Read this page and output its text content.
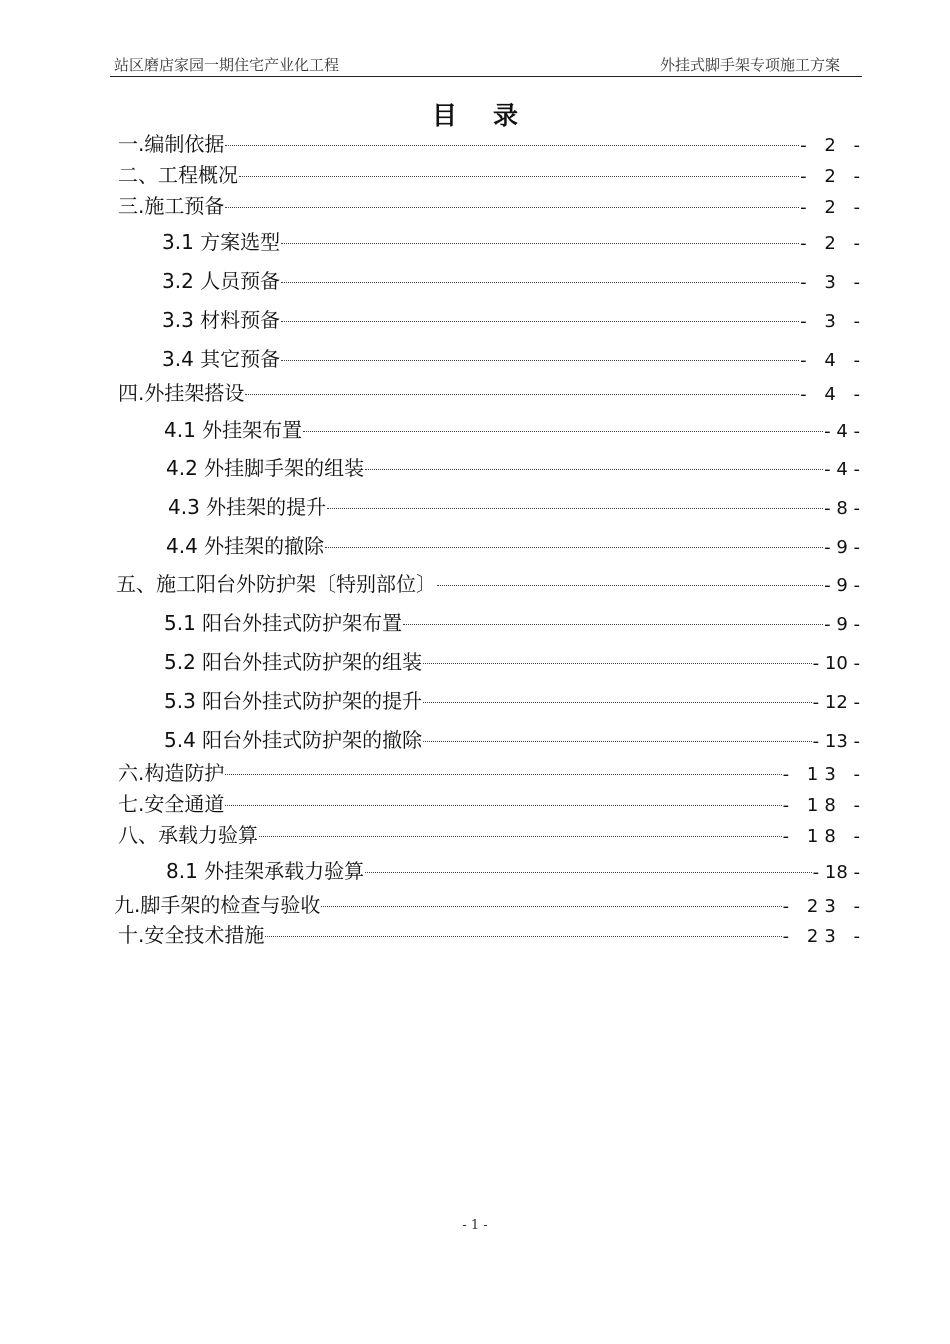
站区磨店家园一期住宅产业化工程	外挂式脚手架专项施工方案
目录
一.编制依据	- 2 -
二、工程概况	- 2 -
三.施工预备	- 2 -
3.1 方案选型	- 2 -
3.2 人员预备	- 3 -
3.3 材料预备	- 3 -
3.4 其它预备	- 4 -
四.外挂架搭设	- 4 -
4.1 外挂架布置	- 4 -
4.2 外挂脚手架的组装	- 4 -
4.3 外挂架的提升	- 8 -
4.4 外挂架的撤除	- 9 -
五、施工阳台外防护架〔特别部位〕	- 9 -
5.1 阳台外挂式防护架布置	- 9 -
5.2 阳台外挂式防护架的组装	- 10 -
5.3 阳台外挂式防护架的提升	- 12 -
5.4 阳台外挂式防护架的撤除	- 13 -
六.构造防护	- 13 -
七.安全通道	- 18 -
八、承载力验算	- 18 -
8.1 外挂架承载力验算	- 18 -
九.脚手架的检查与验收	- 23 -
十.安全技术措施	- 23 -
- 1 -
